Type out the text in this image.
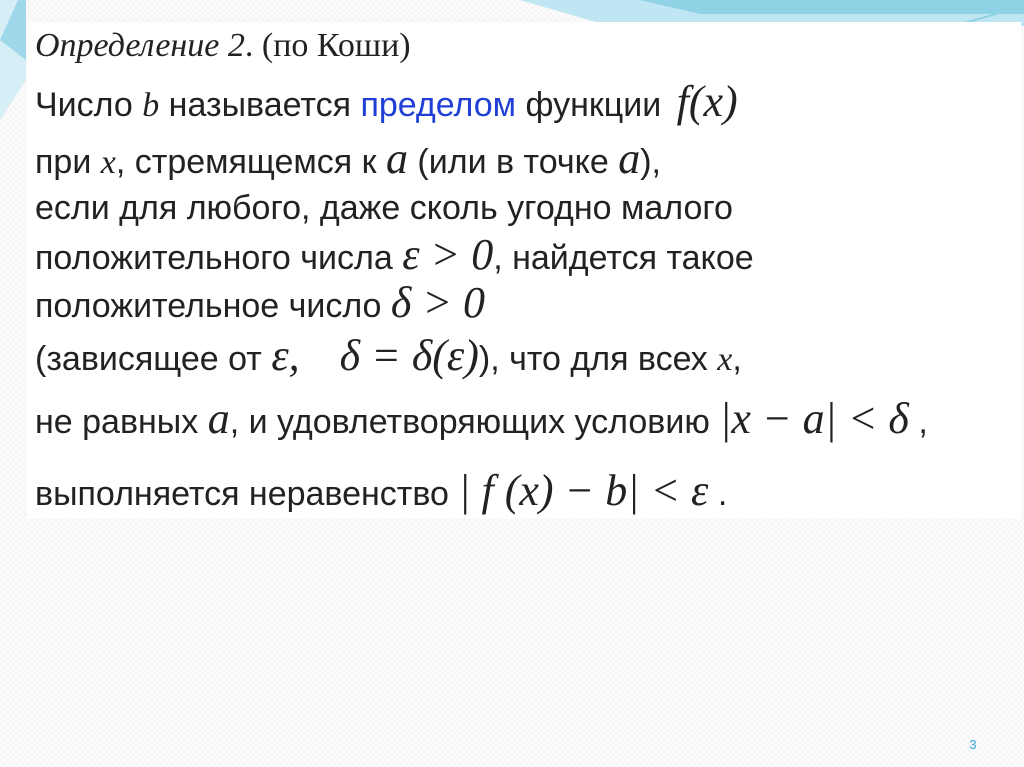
Определение 2. (по Коши)
Число b называется пределом функции f(x)
при x, стремящемся к a (или в точке a),
если для любого, даже сколь угодно малого
положительного числа ε > 0, найдется такое
положительное число δ > 0
(зависящее от ε, δ = δ(ε)), что для всех x,
не равных a, и удовлетворяющих условию |x − a| < δ ,
выполняется неравенство | f (x) − b| < ε .
3
